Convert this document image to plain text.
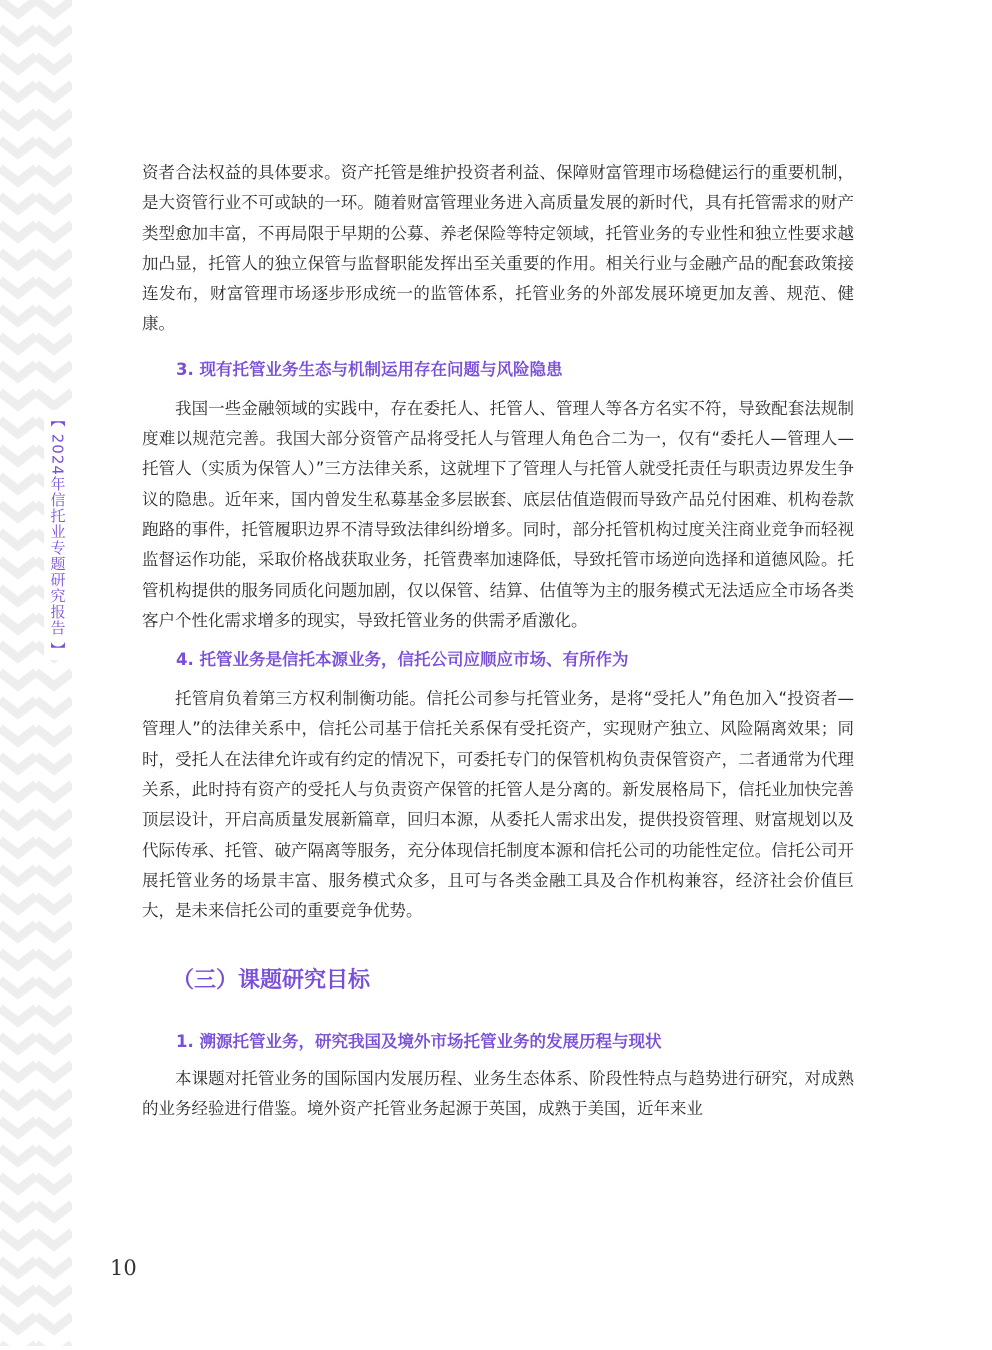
【 2024年信托业专题研究报告 】

资者合法权益的具体要求。资产托管是维护投资者利益、保障财富管理市场稳健运行的重要机制，是大资管行业不可或缺的一环。随着财富管理业务进入高质量发展的新时代，具有托管需求的财产类型愈加丰富，不再局限于早期的公募、养老保险等特定领域，托管业务的专业性和独立性要求越加凸显，托管人的独立保管与监督职能发挥出至关重要的作用。相关行业与金融产品的配套政策接连发布，财富管理市场逐步形成统一的监管体系，托管业务的外部发展环境更加友善、规范、健康。

3. 现有托管业务生态与机制运用存在问题与风险隐患

我国一些金融领域的实践中，存在委托人、托管人、管理人等各方名实不符，导致配套法规制度难以规范完善。我国大部分资管产品将受托人与管理人角色合二为一，仅有“委托人—管理人—托管人（实质为保管人）”三方法律关系，这就埋下了管理人与托管人就受托责任与职责边界发生争议的隐患。近年来，国内曾发生私募基金多层嵌套、底层估值造假而导致产品兑付困难、机构卷款跑路的事件，托管履职边界不清导致法律纠纷增多。同时，部分托管机构过度关注商业竞争而轻视监督运作功能，采取价格战获取业务，托管费率加速降低，导致托管市场逆向选择和道德风险。托管机构提供的服务同质化问题加剧，仅以保管、结算、估值等为主的服务模式无法适应全市场各类客户个性化需求增多的现实，导致托管业务的供需矛盾激化。

4. 托管业务是信托本源业务，信托公司应顺应市场、有所作为

托管肩负着第三方权利制衡功能。信托公司参与托管业务，是将“受托人”角色加入“投资者—管理人”的法律关系中，信托公司基于信托关系保有受托资产，实现财产独立、风险隔离效果；同时，受托人在法律允许或有约定的情况下，可委托专门的保管机构负责保管资产，二者通常为代理关系，此时持有资产的受托人与负责资产保管的托管人是分离的。新发展格局下，信托业加快完善顶层设计，开启高质量发展新篇章，回归本源，从委托人需求出发，提供投资管理、财富规划以及代际传承、托管、破产隔离等服务，充分体现信托制度本源和信托公司的功能性定位。信托公司开展托管业务的场景丰富、服务模式众多，且可与各类金融工具及合作机构兼容，经济社会价值巨大，是未来信托公司的重要竞争优势。

（三）课题研究目标

1. 溯源托管业务，研究我国及境外市场托管业务的发展历程与现状

本课题对托管业务的国际国内发展历程、业务生态体系、阶段性特点与趋势进行研究，对成熟的业务经验进行借鉴。境外资产托管业务起源于英国，成熟于美国，近年来业

10
